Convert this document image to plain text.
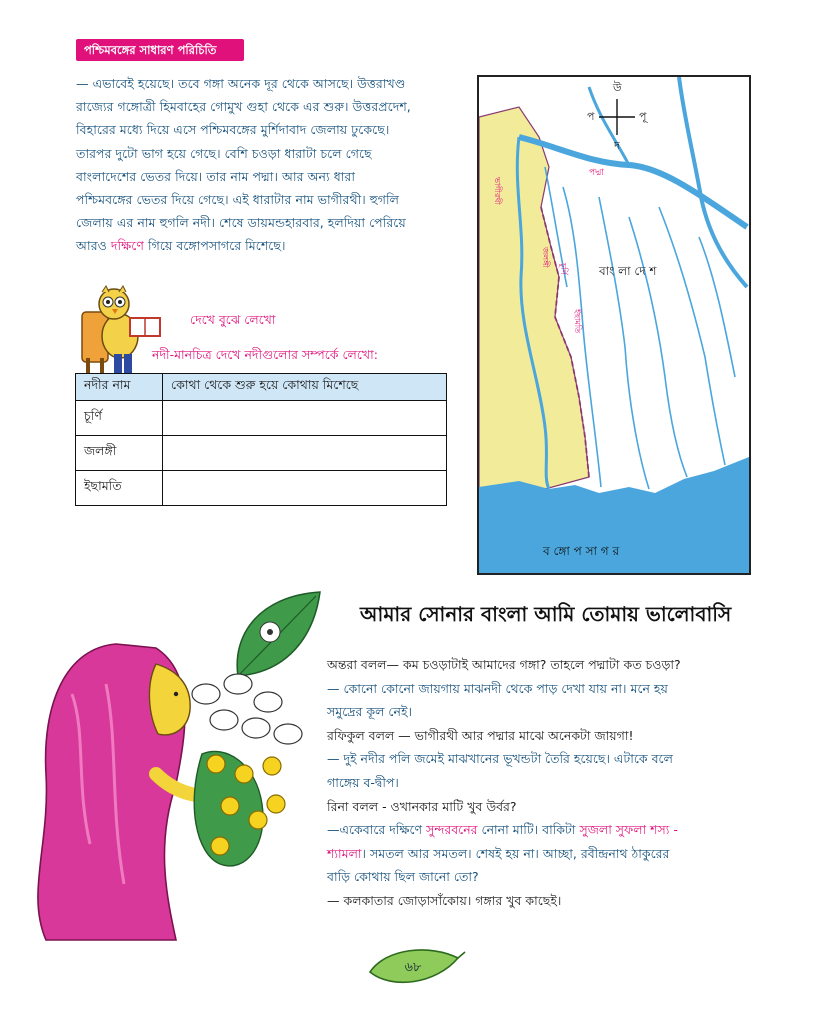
পশ্চিমবঙ্গের সাধারণ পরিচিতি
— এভাবেই হয়েছে। তবে গঙ্গা অনেক দূর থেকে আসছে। উত্তরাখণ্ড
রাজ্যের গঙ্গোত্রী হিমবাহের গোমুখ গুহা থেকে এর শুরু। উত্তরপ্রদেশ,
বিহারের মধ্যে দিয়ে এসে পশ্চিমবঙ্গের মুর্শিদাবাদ জেলায় ঢুকেছে।
তারপর দুটো ভাগ হয়ে গেছে। বেশি চওড়া ধারাটা চলে গেছে
বাংলাদেশের ভেতর দিয়ে। তার নাম পদ্মা। আর অন্য ধারা
পশ্চিমবঙ্গের ভেতর দিয়ে গেছে। এই ধারাটার নাম ভাগীরথী। হুগলি
জেলায় এর নাম হুগলি নদী। শেষে ডায়মন্ডহারবার, হলদিয়া পেরিয়ে
আরও দক্ষিণে গিয়ে বঙ্গোপসাগরে মিশেছে।
দেখে বুঝে লেখো
নদী-মানচিত্র দেখে নদীগুলোর সম্পর্কে লেখো:
নদীর নাম	কোথা থেকে শুরু হয়ে কোথায় মিশেছে
চূর্ণি	
জলঙ্গী	
ইছামতি	
উ
দ
পূ
প
পদ্মা
বাং লা দে শ
ভাগীরথী
জলঙ্গী
চূর্ণি
ইছামতি
ব ঙ্গো প সা গ র
আমার সোনার বাংলা আমি তোমায় ভালোবাসি
অন্তরা বলল— কম চওড়াটাই আমাদের গঙ্গা? তাহলে পদ্মাটা কত চওড়া?
— কোনো কোনো জায়গায় মাঝনদী থেকে পাড় দেখা যায় না। মনে হয়
সমুদ্রের কূল নেই।
রফিকুল বলল — ভাগীরথী আর পদ্মার মাঝে অনেকটা জায়গা!
— দুই নদীর পলি জমেই মাঝখানের ভূখন্ডটা তৈরি হয়েছে। এটাকে বলে
গাঙ্গেয় ব-দ্বীপ।
রিনা বলল - ওখানকার মাটি খুব উর্বর?
—একেবারে দক্ষিণে সুন্দরবনের নোনা মাটি। বাকিটা সুজলা সুফলা শস্য -
শ্যামলা। সমতল আর সমতল। শেষই হয় না। আচ্ছা, রবীন্দ্রনাথ ঠাকুরের
বাড়ি কোথায় ছিল জানো তো?
— কলকাতার জোড়াসাঁকোয়। গঙ্গার খুব কাছেই।
৬৮
